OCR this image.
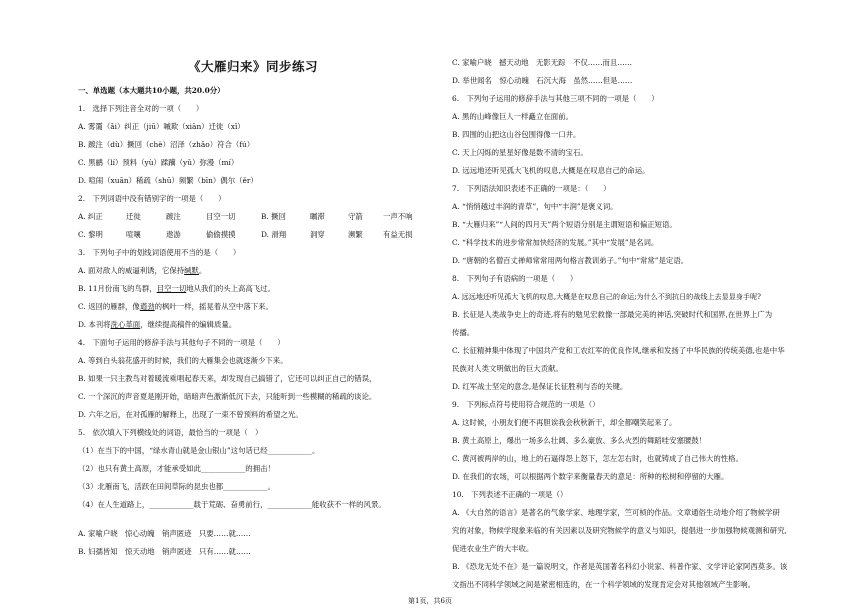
《大雁归来》同步练习
一、单选题（本大题共10小题，共20.0分）
1.　选择下列注音全对的一项（　　）
A. 雾霭（ǎi）纠正（jiū）嘁欺（xiān）迁徙（xǐ）
B. 踱注（dù）撅回（chè）沼泽（zhǎo）符合（fú）
C. 黑鹂（lí）预料（yù）蹂躏（yǔ）弥漫（mí）
D. 喧闹（xuān）稀疏（shū）频繁（bīn）偶尔（ěr）
2.　下列词语中没有错别字的一项是（　　）
A. 纠正	迁徙	踱注	目空一切	B. 撅回	瞩滞	守箭	一声不响
C. 黎明	喧嚷	遨游	偷偷摸摸	D. 滑翔	洞穿	濒繁	有益无损
3.　下列句子中的划线词语使用不当的是（　　）
A. 面对敌人的威逼利诱，它保持缄默。
B. 11月份南飞的鸟群，目空一切地从我们的头上高高飞过。
C. 返回的雁群，像遒劲的枫叶一样，摇晃着从空中落下来。
D. 本刊将洗心革面，继续提高稿件的编辑质量。
4.　下面句子运用的修辞手法与其他句子不同的一项是（　　）
A. 等到白头翁花盛开的时候，我们的大雁集会也就逐渐少下来。
B. 如果一只主教鸟对着暖流乘唱起春天来，却发现自己搞错了，它还可以纠正自己的错误，
C. 一个深沉的声音夏是刚开始，暗暗声色激渐低沉下去，只能听到一些模糊的稀疏的谈论。
D. 六年之后，在对孤雁的解释上，出现了一束不曾预料的希望之光。
5.　依次填入下列横线处的词语，最恰当的一项是（　）
（1）在当下的中国，“绿水青山就是金山银山”这句话已经____________。
（2）也只有黄土高原，才能承受如此____________的拥击！
（3）北雁南飞，活跃在田间草际的昆虫也都____________。
（4）在人生道路上，____________载于荒砺、奋勇前行，____________能收获不一样的风景。
A. 家喻户晓　惊心动魄　销声匿迹　只要……就……
B. 妇孺皆知　惊天动地　销声匿迹　只有……就……
C. 家喻户晓　撼天动地　无影无踪　不仅……而且……
D. 举世闻名　惊心动魄　石沉大海　虽然……但是……
6.　下列句子运用的修辞手法与其他三项不同的一项是（　　）
A. 黑的山峰像巨人一样矗立在面前。
B. 四围的山把这山谷包围得像一口井。
C. 天上闪烁的星星好像是数不清的宝石。
D. 远远地还听见孤大飞机的叹息,大概是在叹息自己的命运。
7.　下列语法知识表述不正确的一项是：（　　）
A. “悄悄越过丰润的青草”，句中“丰润”是褒义词。
B. “大雁归来”“人间的四月天”两个短语分别是主谓短语和偏正短语。
C. “科学技术的进步常常加快经济的发展。”其中“发展”是名词。
D. “唐朝的名僧百丈禅师常常用两句格言教训弟子。”句中“常常”是定语。
8.　下列句子有语病的一项是（　　）
A. 远远地还听见孤大飞机的叹息,大概是在叹息自己的命运;为什么不到抗日的战线上去显显身手呢?
B. 长征是人类战争史上的奇迹,将有的勉见宏救像一部最完美的神话,突破时代和国界,在世界上广为
传播。
C. 长征精神集中体现了中国共产党和工农红军的优良作风,继承和发扬了中华民族的传统美德,也是中华
民族对人类文明做出的巨大贡献。
D. 红军战士坚定的意念,是保证长征胜利与否的关键。
9.　下列标点符号使用符合规范的一项是（）
A. 这时候，小朋友们便不再胆诶我会秋秋新干，却全都嘲笑起来了。
B. 黄土高原上，爆出一场多么壮阔、多么豪放、多么火烈的舞蹈哇安塞腰鼓！
C. 黄河被两岸的山，地上的石逼得怨上怒下，怎左怎右时，也就铸成了自己伟大的性格。
D. 在我们的农场，可以根据两个数字来衡量春天的意足：所种的松树和停留的大雁。
10.　下列表述不正确的一项是（）
A. 《大自然的语言》是著名的气象学家、地理学家，竺可桢的作品。文章通俗生动地介绍了物候学研
究的对象，物候学现象来临的有关因素以及研究物候学的意义与知识，提倡进一步加强物候观测和研究,
促进农业生产的大丰收。
B. 《恐龙无处不在》是一篇说明文，作者是英国著名科幻小说家、科普作家、文学评论家阿西莫多。该
文指出不同科学领域之间是紧密相连的，在一个科学领域的发现肯定会对其他领域产生影响。
第1页，共6页
